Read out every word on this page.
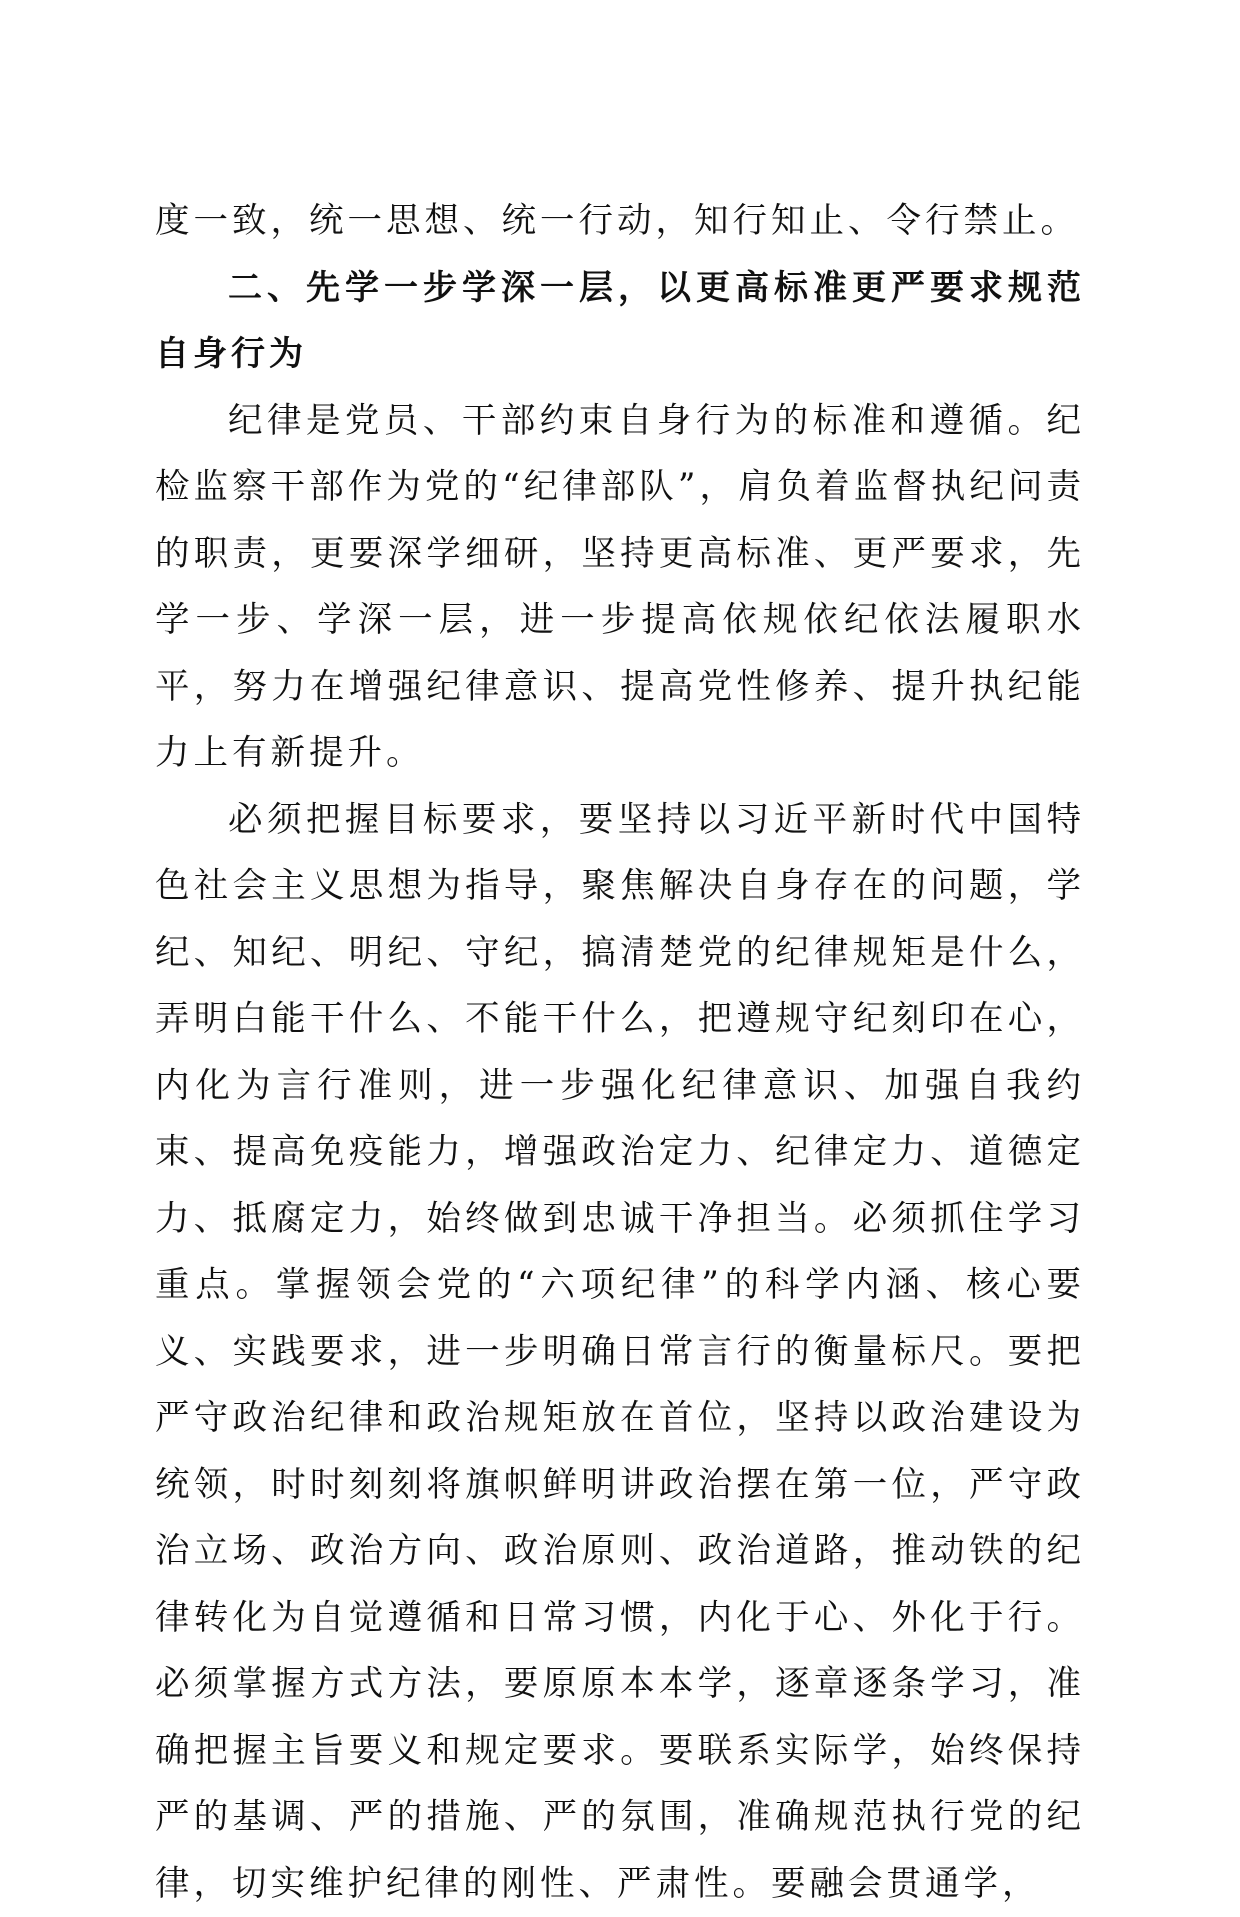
度一致，统一思想、统一行动，知行知止、令行禁止。

二、先学一步学深一层，以更高标准更严要求规范自身行为

纪律是党员、干部约束自身行为的标准和遵循。纪检监察干部作为党的“纪律部队”，肩负着监督执纪问责的职责，更要深学细研，坚持更高标准、更严要求，先学一步、学深一层，进一步提高依规依纪依法履职水平，努力在增强纪律意识、提高党性修养、提升执纪能力上有新提升。

必须把握目标要求，要坚持以习近平新时代中国特色社会主义思想为指导，聚焦解决自身存在的问题，学纪、知纪、明纪、守纪，搞清楚党的纪律规矩是什么，弄明白能干什么、不能干什么，把遵规守纪刻印在心，内化为言行准则，进一步强化纪律意识、加强自我约束、提高免疫能力，增强政治定力、纪律定力、道德定力、抵腐定力，始终做到忠诚干净担当。必须抓住学习重点。掌握领会党的“六项纪律”的科学内涵、核心要义、实践要求，进一步明确日常言行的衡量标尺。要把严守政治纪律和政治规矩放在首位，坚持以政治建设为统领，时时刻刻将旗帜鲜明讲政治摆在第一位，严守政治立场、政治方向、政治原则、政治道路，推动铁的纪律转化为自觉遵循和日常习惯，内化于心、外化于行。必须掌握方式方法，要原原本本学，逐章逐条学习，准确把握主旨要义和规定要求。要联系实际学，始终保持严的基调、严的措施、严的氛围，准确规范执行党的纪律，切实维护纪律的刚性、严肃性。要融会贯通学，
